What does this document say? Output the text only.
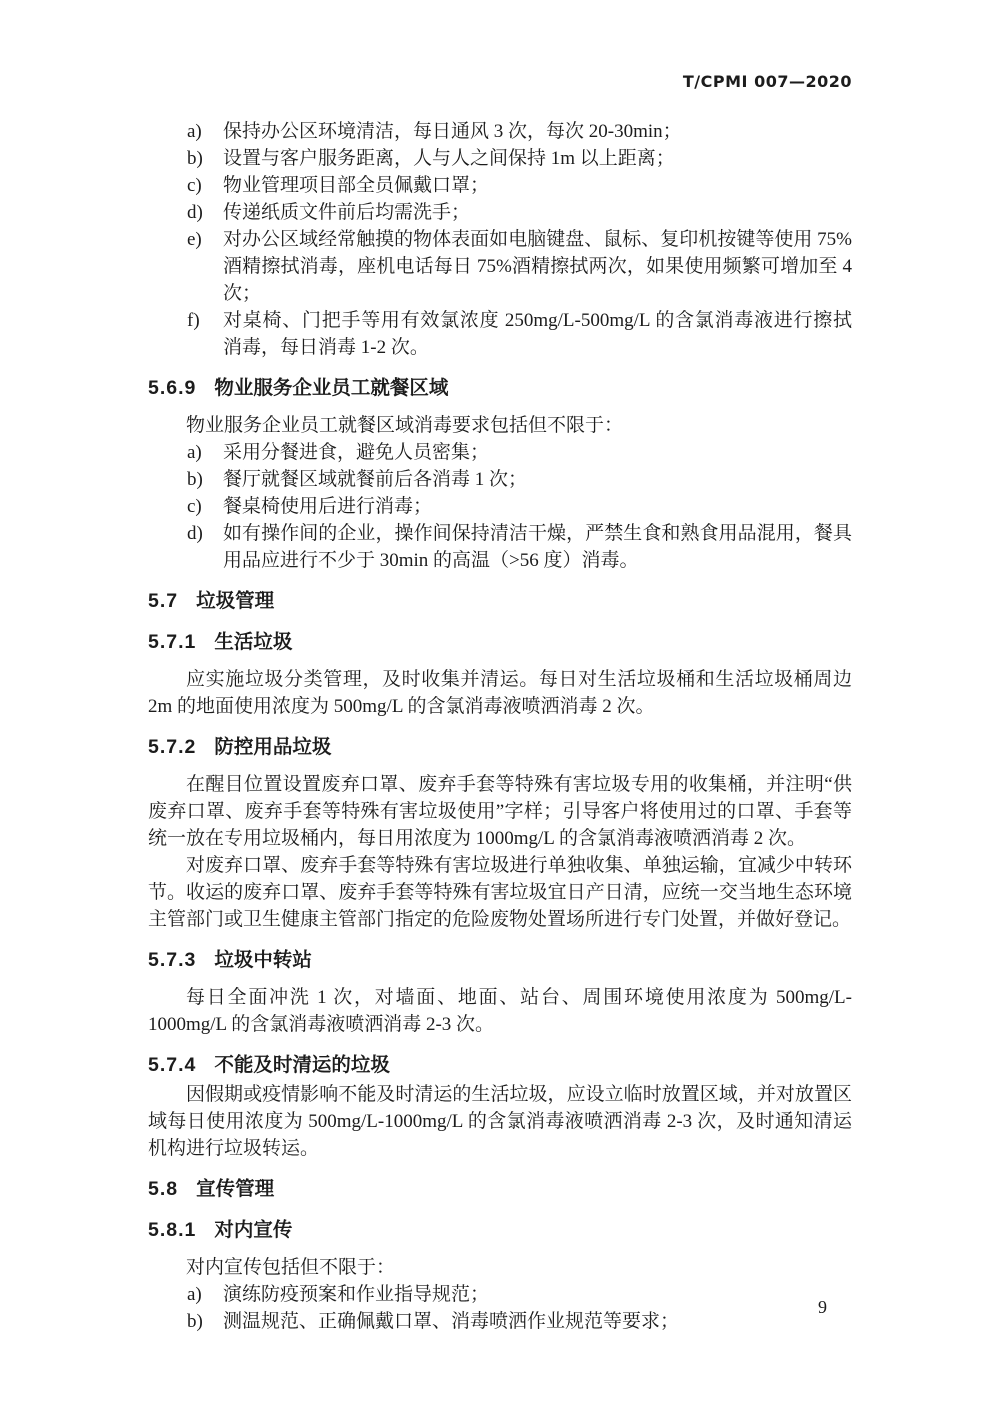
T/CPMI 007—2020
a)	保持办公区环境清洁，每日通风 3 次，每次 20-30min；
b)	设置与客户服务距离，人与人之间保持 1m 以上距离；
c)	物业管理项目部全员佩戴口罩；
d)	传递纸质文件前后均需洗手；
e)	对办公区域经常触摸的物体表面如电脑键盘、鼠标、复印机按键等使用 75%酒精擦拭消毒，座机电话每日 75%酒精擦拭两次，如果使用频繁可增加至 4 次；
f)	对桌椅、门把手等用有效氯浓度 250mg/L-500mg/L 的含氯消毒液进行擦拭消毒，每日消毒 1-2 次。
5.6.9 物业服务企业员工就餐区域

物业服务企业员工就餐区域消毒要求包括但不限于：

a)	采用分餐进食，避免人员密集；
b)	餐厅就餐区域就餐前后各消毒 1 次；
c)	餐桌椅使用后进行消毒；
d)	如有操作间的企业，操作间保持清洁干燥，严禁生食和熟食用品混用，餐具用品应进行不少于 30min 的高温（>56 度）消毒。
5.7 垃圾管理
5.7.1 生活垃圾

应实施垃圾分类管理，及时收集并清运。每日对生活垃圾桶和生活垃圾桶周边 2m 的地面使用浓度为 500mg/L 的含氯消毒液喷洒消毒 2 次。

5.7.2 防控用品垃圾

在醒目位置设置废弃口罩、废弃手套等特殊有害垃圾专用的收集桶，并注明“供废弃口罩、废弃手套等特殊有害垃圾使用”字样；引导客户将使用过的口罩、手套等统一放在专用垃圾桶内，每日用浓度为 1000mg/L 的含氯消毒液喷洒消毒 2 次。

对废弃口罩、废弃手套等特殊有害垃圾进行单独收集、单独运输，宜减少中转环节。收运的废弃口罩、废弃手套等特殊有害垃圾宜日产日清，应统一交当地生态环境主管部门或卫生健康主管部门指定的危险废物处置场所进行专门处置，并做好登记。

5.7.3 垃圾中转站

每日全面冲洗 1 次，对墙面、地面、站台、周围环境使用浓度为 500mg/L-1000mg/L 的含氯消毒液喷洒消毒 2-3 次。

5.7.4 不能及时清运的垃圾

因假期或疫情影响不能及时清运的生活垃圾，应设立临时放置区域，并对放置区域每日使用浓度为 500mg/L-1000mg/L 的含氯消毒液喷洒消毒 2-3 次，及时通知清运机构进行垃圾转运。

5.8 宣传管理
5.8.1 对内宣传

对内宣传包括但不限于：

a)	演练防疫预案和作业指导规范；
b)	测温规范、正确佩戴口罩、消毒喷洒作业规范等要求；
9
